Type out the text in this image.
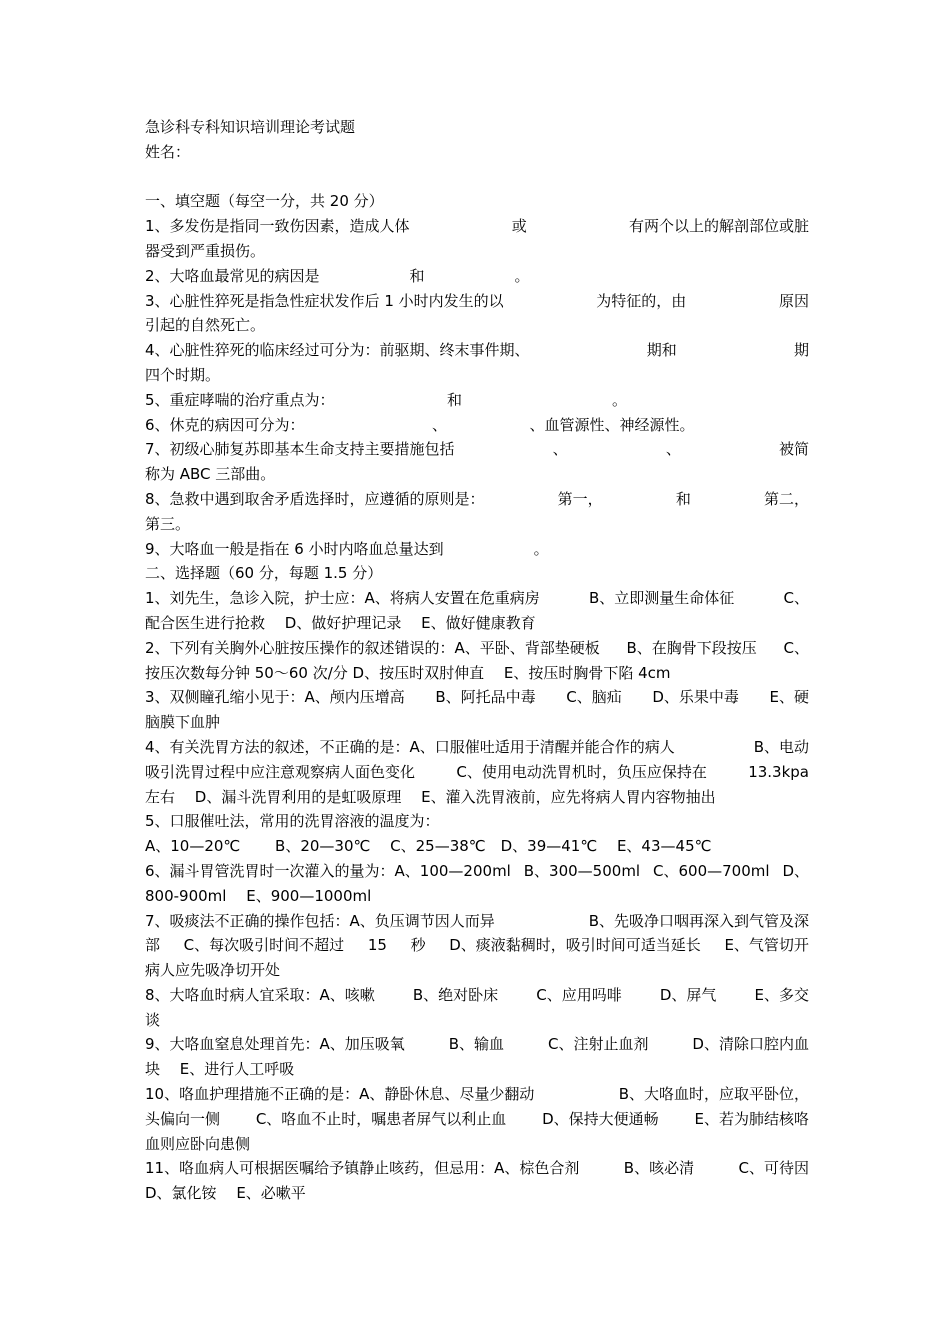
急诊科专科知识培训理论考试题
姓名：
一、填空题（每空一分，共 20 分）
1、多发伤是指同一致伤因素，造成人体	或	有两个以上的解剖部位或脏
器受到严重损伤。
2、大咯血最常见的病因是　　　　　　和　　　　　　。
3、心脏性猝死是指急性症状发作后 1 小时内发生的以	为特征的，由	原因
引起的自然死亡。
4、心脏性猝死的临床经过可分为：前驱期、终末事件期、	期和	期
四个时期。
5、重症哮喘的治疗重点为：　　　　　　　　和　　　　　　　　　　。
6、休克的病因可分为：　　　　　　　　　、　　　　　　、血管源性、神经源性。
7、初级心肺复苏即基本生命支持主要措施包括	、	、	被简
称为 ABC 三部曲。
8、急救中遇到取舍矛盾选择时，应遵循的原则是：	第一，	和	第二，
第三。
9、大咯血一般是指在 6 小时内咯血总量达到　　　　　　。
二、选择题（60 分，每题 1.5 分）
1、刘先生，急诊入院，护士应：A、将病人安置在危重病房	B、立即测量生命体征	C、
配合医生进行抢救　 D、做好护理记录　 E、做好健康教育
2、下列有关胸外心脏按压操作的叙述错误的：A、平卧、背部垫硬板 B、在胸骨下段按压 C、
按压次数每分钟 50～60 次/分 D、按压时双肘伸直　 E、按压时胸骨下陷 4cm
3、双侧瞳孔缩小见于：A、颅内压增高 B、阿托品中毒 C、脑疝 D、乐果中毒 E、硬
脑膜下血肿
4、有关洗胃方法的叙述，不正确的是：A、口服催吐适用于清醒并能合作的病人	B、电动
吸引洗胃过程中应注意观察病人面色变化	C、使用电动洗胃机时，负压应保持在	13.3kpa
左右　 D、漏斗洗胃利用的是虹吸原理　 E、灌入洗胃液前，应先将病人胃内容物抽出
5、口服催吐法，常用的洗胃溶液的温度为：
A、10—20℃　　 B、20—30℃　 C、25—38℃　D、39—41℃　 E、43—45℃
6、漏斗胃管洗胃时一次灌入的量为：A、100—200ml B、300—500ml C、600—700ml D、
800-900ml　 E、900—1000ml
7、吸痰法不正确的操作包括：A、负压调节因人而异	B、先吸净口咽再深入到气管及深
部 C、每次吸引时间不超过 15 秒 D、痰液黏稠时，吸引时间可适当延长 E、气管切开
病人应先吸净切开处
8、大咯血时病人宜采取：A、咳嗽	B、绝对卧床	C、应用吗啡	D、屏气	E、多交
谈
9、大咯血窒息处理首先：A、加压吸氧	B、输血	C、注射止血剂	D、清除口腔内血
块　 E、进行人工呼吸
10、咯血护理措施不正确的是：A、静卧休息、尽量少翻动	B、大咯血时，应取平卧位，
头偏向一侧 C、咯血不止时，嘱患者屏气以利止血 D、保持大便通畅 E、若为肺结核咯
血则应卧向患侧
11、咯血病人可根据医嘱给予镇静止咳药，但忌用：A、棕色合剂	B、咳必清	C、可待因
D、氯化铵　 E、必嗽平
